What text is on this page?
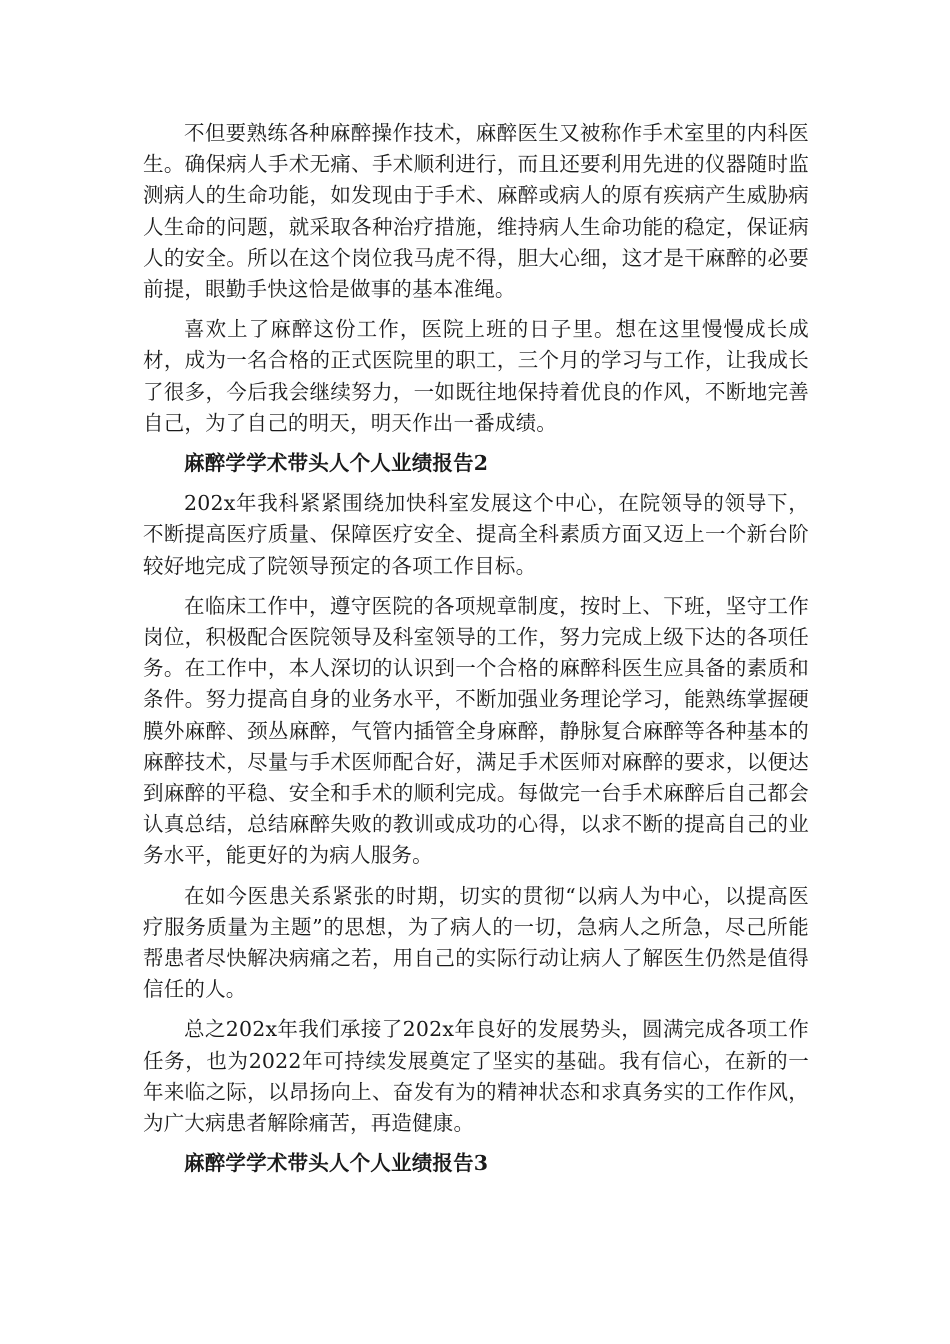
不但要熟练各种麻醉操作技术，麻醉医生又被称作手术室里的内科医生。确保病人手术无痛、手术顺利进行，而且还要利用先进的仪器随时监测病人的生命功能，如发现由于手术、麻醉或病人的原有疾病产生威胁病人生命的问题，就采取各种治疗措施，维持病人生命功能的稳定，保证病人的安全。所以在这个岗位我马虎不得，胆大心细，这才是干麻醉的必要前提，眼勤手快这恰是做事的基本准绳。

喜欢上了麻醉这份工作，医院上班的日子里。想在这里慢慢成长成材，成为一名合格的正式医院里的职工，三个月的学习与工作，让我成长了很多，今后我会继续努力，一如既往地保持着优良的作风，不断地完善自己，为了自己的明天，明天作出一番成绩。

麻醉学学术带头人个人业绩报告2

202x年我科紧紧围绕加快科室发展这个中心，在院领导的领导下，不断提高医疗质量、保障医疗安全、提高全科素质方面又迈上一个新台阶较好地完成了院领导预定的各项工作目标。

在临床工作中，遵守医院的各项规章制度，按时上、下班，坚守工作岗位，积极配合医院领导及科室领导的工作，努力完成上级下达的各项任务。在工作中，本人深切的认识到一个合格的麻醉科医生应具备的素质和条件。努力提高自身的业务水平，不断加强业务理论学习，能熟练掌握硬膜外麻醉、颈丛麻醉，气管内插管全身麻醉，静脉复合麻醉等各种基本的麻醉技术，尽量与手术医师配合好，满足手术医师对麻醉的要求，以便达到麻醉的平稳、安全和手术的顺利完成。每做完一台手术麻醉后自己都会认真总结，总结麻醉失败的教训或成功的心得，以求不断的提高自己的业务水平，能更好的为病人服务。

在如今医患关系紧张的时期，切实的贯彻“以病人为中心，以提高医疗服务质量为主题”的思想，为了病人的一切，急病人之所急，尽己所能帮患者尽快解决病痛之若，用自己的实际行动让病人了解医生仍然是值得信任的人。

总之202x年我们承接了202x年良好的发展势头，圆满完成各项工作任务，也为2022年可持续发展奠定了坚实的基础。我有信心，在新的一年来临之际，以昂扬向上、奋发有为的精神状态和求真务实的工作作风，为广大病患者解除痛苦，再造健康。

麻醉学学术带头人个人业绩报告3
